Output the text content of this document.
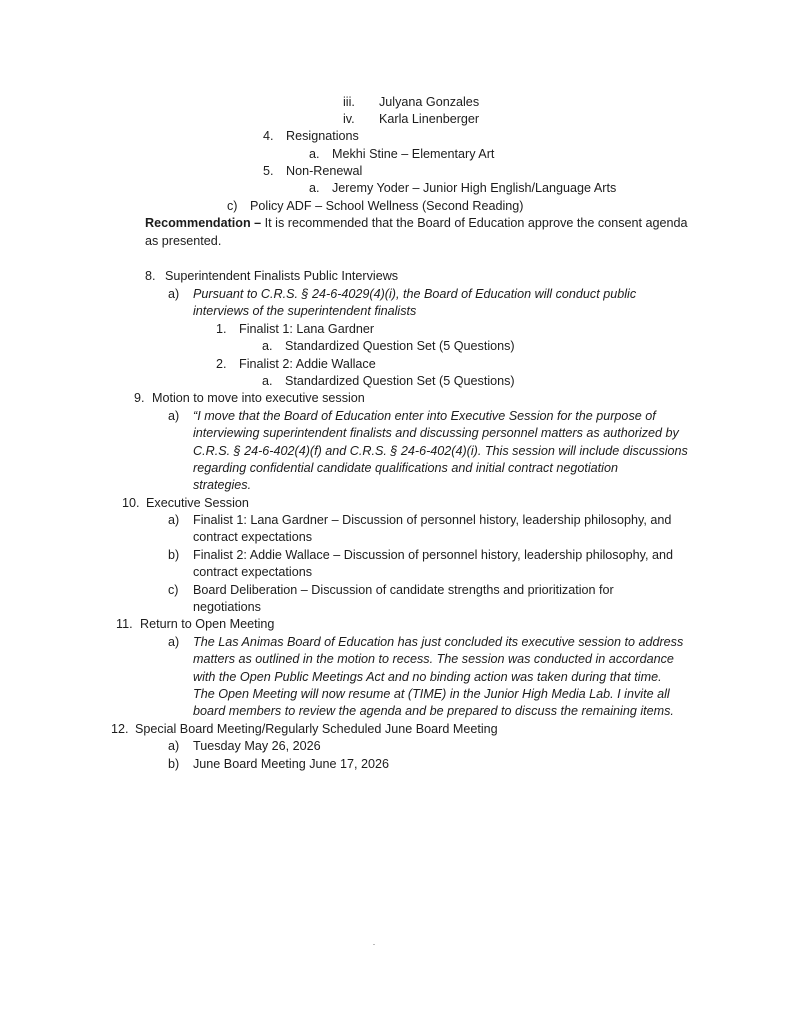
iii. Julyana Gonzales
iv. Karla Linenberger
4. Resignations
a. Mekhi Stine – Elementary Art
5. Non-Renewal
a. Jeremy Yoder – Junior High English/Language Arts
c) Policy ADF – School Wellness (Second Reading)
Recommendation – It is recommended that the Board of Education approve the consent agenda
as presented.
8. Superintendent Finalists Public Interviews
a) Pursuant to C.R.S. § 24-6-4029(4)(i), the Board of Education will conduct public
interviews of the superintendent finalists
1. Finalist 1: Lana Gardner
a. Standardized Question Set (5 Questions)
2. Finalist 2: Addie Wallace
a. Standardized Question Set (5 Questions)
9. Motion to move into executive session
a) “I move that the Board of Education enter into Executive Session for the purpose of
interviewing superintendent finalists and discussing personnel matters as authorized by
C.R.S. § 24-6-402(4)(f) and C.R.S. § 24-6-402(4)(i). This session will include discussions
regarding confidential candidate qualifications and initial contract negotiation
strategies.
10. Executive Session
a) Finalist 1: Lana Gardner – Discussion of personnel history, leadership philosophy, and
contract expectations
b) Finalist 2: Addie Wallace – Discussion of personnel history, leadership philosophy, and
contract expectations
c) Board Deliberation – Discussion of candidate strengths and prioritization for
negotiations
11. Return to Open Meeting
a) The Las Animas Board of Education has just concluded its executive session to address
matters as outlined in the motion to recess. The session was conducted in accordance
with the Open Public Meetings Act and no binding action was taken during that time.
The Open Meeting will now resume at (TIME) in the Junior High Media Lab. I invite all
board members to review the agenda and be prepared to discuss the remaining items.
12. Special Board Meeting/Regularly Scheduled June Board Meeting
a) Tuesday May 26, 2026
b) June Board Meeting June 17, 2026
